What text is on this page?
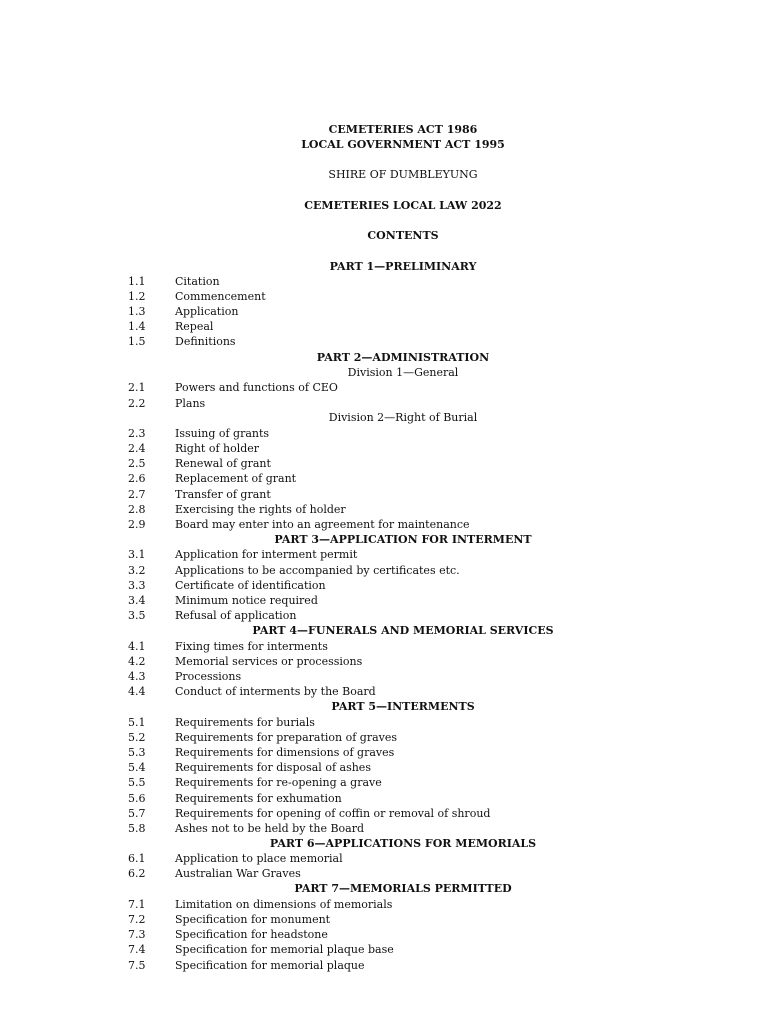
CEMETERIES ACT 1986
LOCAL GOVERNMENT ACT 1995
SHIRE OF DUMBLEYUNG
CEMETERIES LOCAL LAW 2022
CONTENTS
PART 1—PRELIMINARY
1.1	Citation
1.2	Commencement
1.3	Application
1.4	Repeal
1.5	Definitions
PART 2—ADMINISTRATION
Division 1—General
2.1	Powers and functions of CEO
2.2	Plans
Division 2—Right of Burial
2.3	Issuing of grants
2.4	Right of holder
2.5	Renewal of grant
2.6	Replacement of grant
2.7	Transfer of grant
2.8	Exercising the rights of holder
2.9	Board may enter into an agreement for maintenance
PART 3—APPLICATION FOR INTERMENT
3.1	Application for interment permit
3.2	Applications to be accompanied by certificates etc.
3.3	Certificate of identification
3.4	Minimum notice required
3.5	Refusal of application
PART 4—FUNERALS AND MEMORIAL SERVICES
4.1	Fixing times for interments
4.2	Memorial services or processions
4.3	Processions
4.4	Conduct of interments by the Board
PART 5—INTERMENTS
5.1	Requirements for burials
5.2	Requirements for preparation of graves
5.3	Requirements for dimensions of graves
5.4	Requirements for disposal of ashes
5.5	Requirements for re-opening a grave
5.6	Requirements for exhumation
5.7	Requirements for opening of coffin or removal of shroud
5.8	Ashes not to be held by the Board
PART 6—APPLICATIONS FOR MEMORIALS
6.1	Application to place memorial
6.2	Australian War Graves
PART 7—MEMORIALS PERMITTED
7.1	Limitation on dimensions of memorials
7.2	Specification for monument
7.3	Specification for headstone
7.4	Specification for memorial plaque base
7.5	Specification for memorial plaque
